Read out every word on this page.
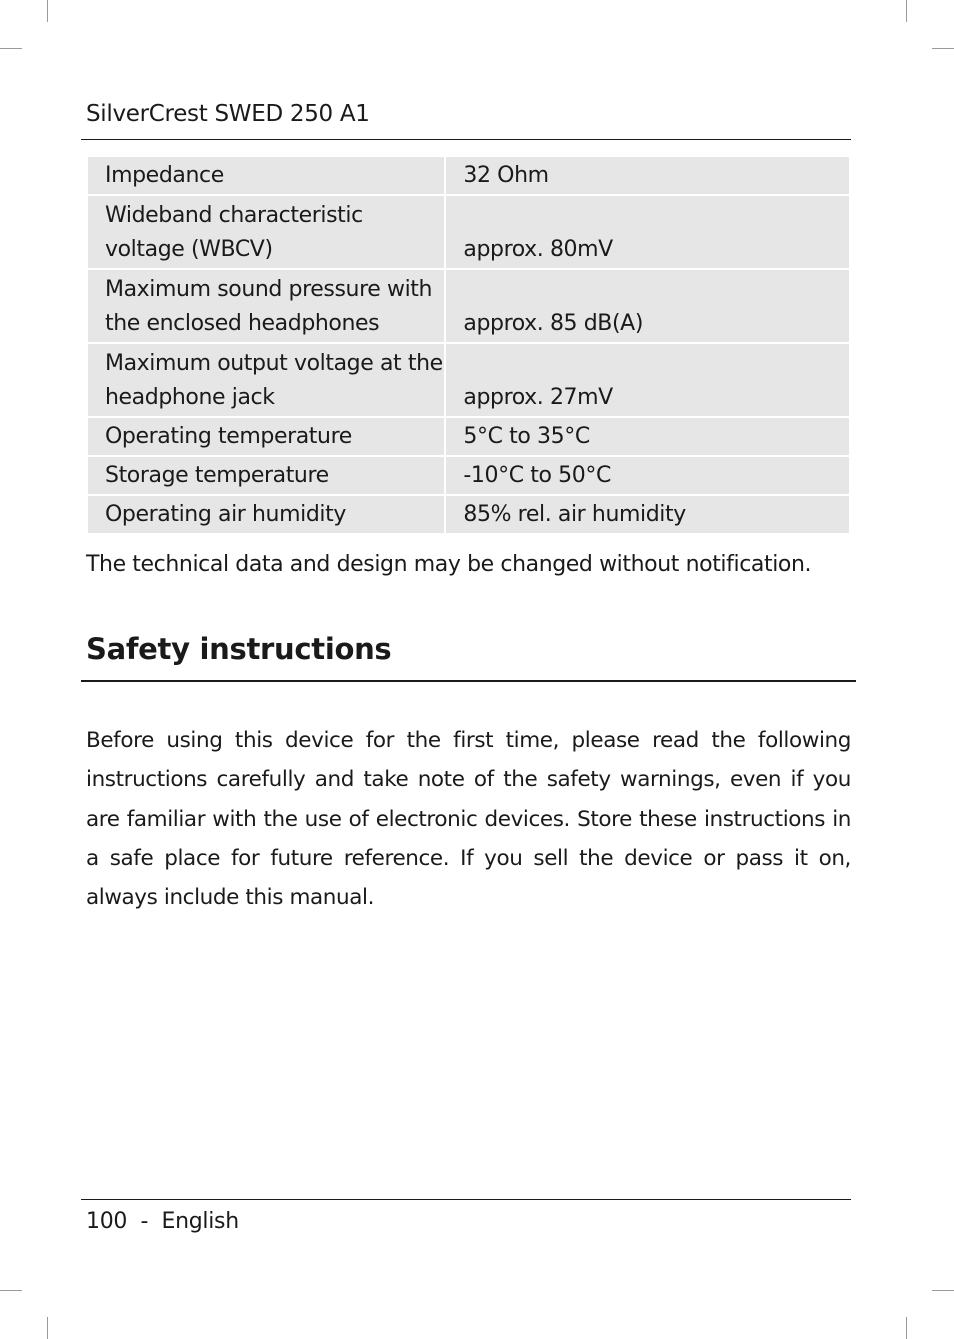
SilverCrest SWED 250 A1
Impedance	32 Ohm
Wideband characteristic voltage (WBCV)	approx. 80mV
Maximum sound pressure with the enclosed headphones	approx. 85 dB(A)
Maximum output voltage at the headphone jack	approx. 27mV
Operating temperature	5°C to 35°C
Storage temperature	-10°C to 50°C
Operating air humidity	85% rel. air humidity
The technical data and design may be changed without notification.
Safety instructions

Before using this device for the first time, please read the following instructions carefully and take note of the safety warnings, even if you are familiar with the use of electronic devices. Store these instructions in a safe place for future reference. If you sell the device or pass it on, always include this manual.

100 - English
